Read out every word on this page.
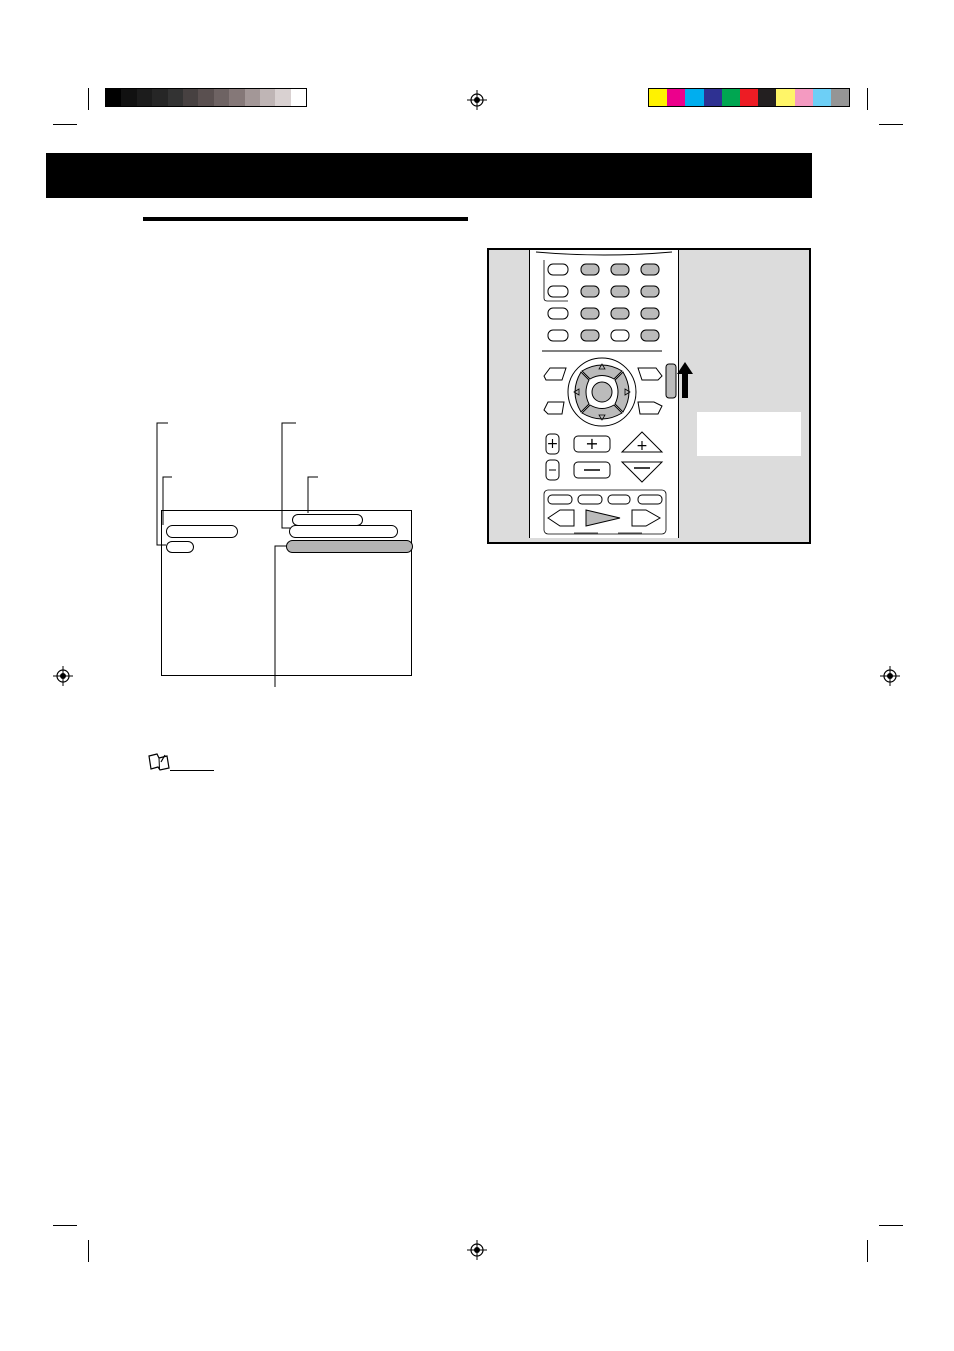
+ +	+
